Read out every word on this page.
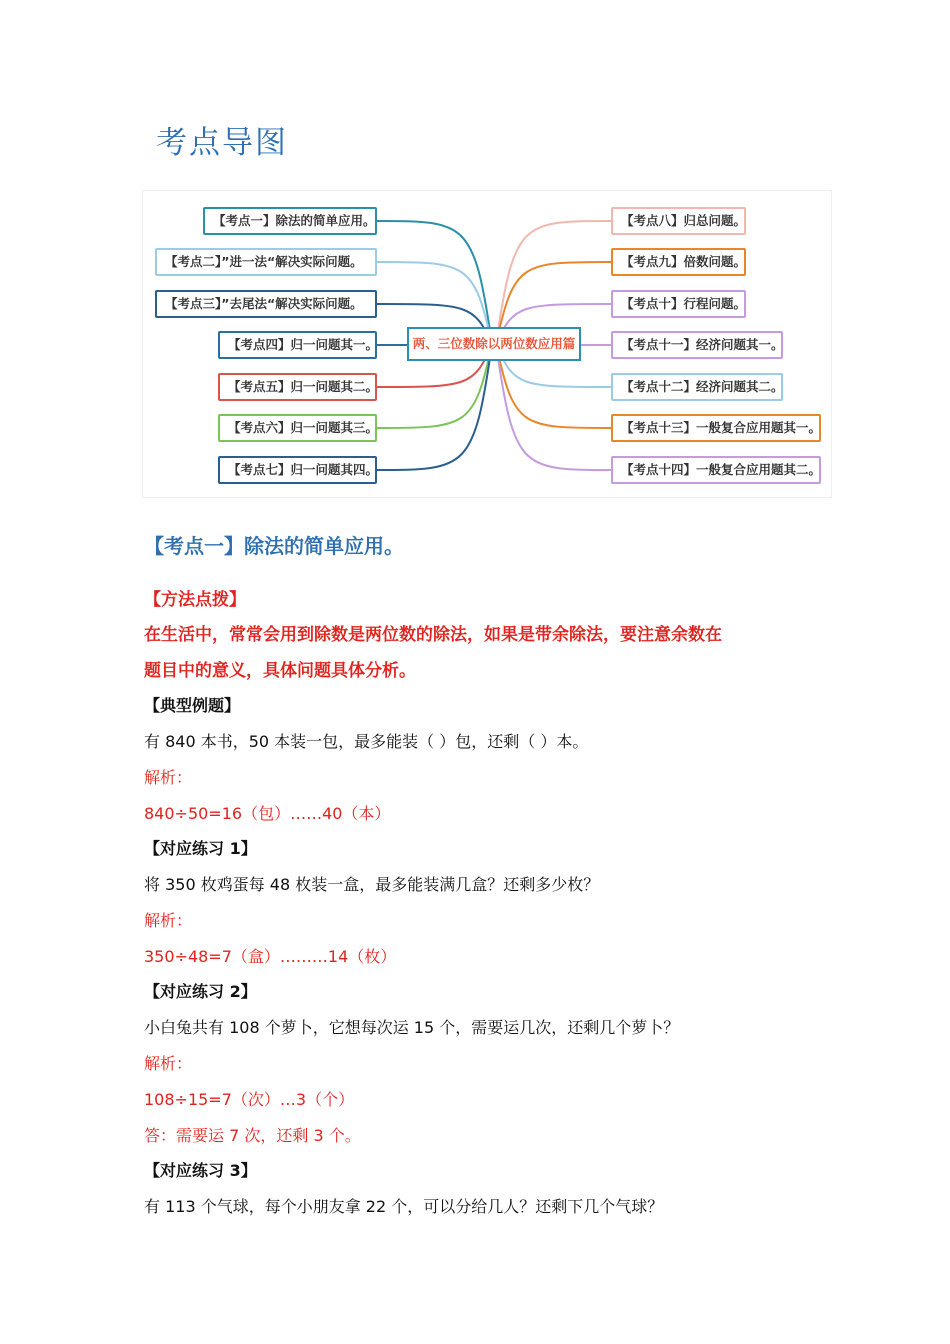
考点导图
两、三位数除以两位数应用篇
【考点一】除法的简单应用。
【考点二】”进一法“解决实际问题。
【考点三】”去尾法“解决实际问题。
【考点四】归一问题其一。
【考点五】归一问题其二。
【考点六】归一问题其三。
【考点七】归一问题其四。
【考点八】归总问题。
【考点九】倍数问题。
【考点十】行程问题。
【考点十一】经济问题其一。
【考点十二】经济问题其二。
【考点十三】一般复合应用题其一。
【考点十四】一般复合应用题其二。
【考点一】除法的简单应用。
【方法点拨】
在生活中，常常会用到除数是两位数的除法，如果是带余除法，要注意余数在
题目中的意义，具体问题具体分析。
【典型例题】
有 840 本书，50 本装一包，最多能装（ ）包，还剩（ ）本。
解析：
840÷50=16（包）……40（本）
【对应练习 1】
将 350 枚鸡蛋每 48 枚装一盒，最多能装满几盒？还剩多少枚？
解析：
350÷48=7（盒）………14（枚）
【对应练习 2】
小白兔共有 108 个萝卜，它想每次运 15 个，需要运几次，还剩几个萝卜？
解析：
108÷15=7（次）…3（个）
答：需要运 7 次，还剩 3 个。
【对应练习 3】
有 113 个气球，每个小朋友拿 22 个，可以分给几人？还剩下几个气球？
